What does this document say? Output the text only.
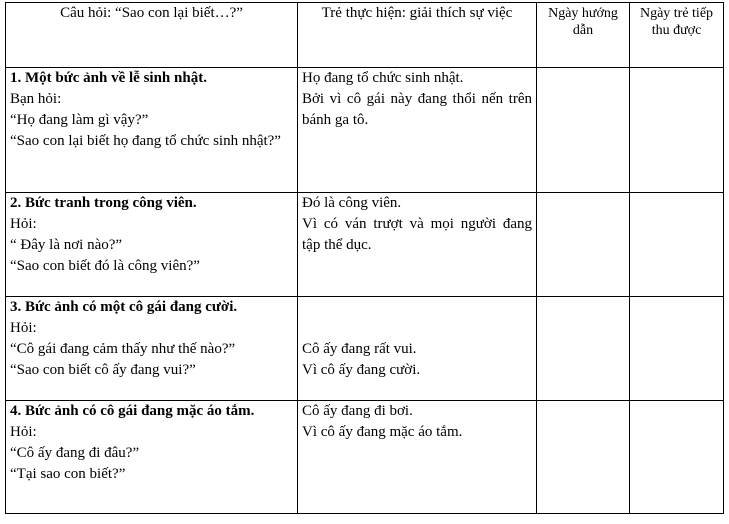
Câu hỏi: “Sao con lại biết…?”	Trẻ thực hiện: giải thích sự việc	Ngày hướng dẫn	Ngày trẻ tiếp thu được

1. Một bức ảnh về lễ sinh nhật.
Bạn hỏi:
“Họ đang làm gì vậy?”
“Sao con lại biết họ đang tổ chức sinh nhật?”	Họ đang tổ chức sinh nhật.
Bởi vì cô gái này đang thổi nến trên bánh ga tô.		

2. Bức tranh trong công viên.
Hỏi:
“ Đây là nơi nào?”
“Sao con biết đó là công viên?”	Đó là công viên.
Vì có ván trượt và mọi người đang tập thể dục.		

3. Bức ảnh có một cô gái đang cười.
Hỏi:
“Cô gái đang cảm thấy như thế nào?”
“Sao con biết cô ấy đang vui?”	Cô ấy đang rất vui.
Vì cô ấy đang cười.		

4. Bức ảnh có cô gái đang mặc áo tắm.
Hỏi:
“Cô ấy đang đi đâu?”
“Tại sao con biết?”	Cô ấy đang đi bơi.
Vì cô ấy đang mặc áo tắm.		
